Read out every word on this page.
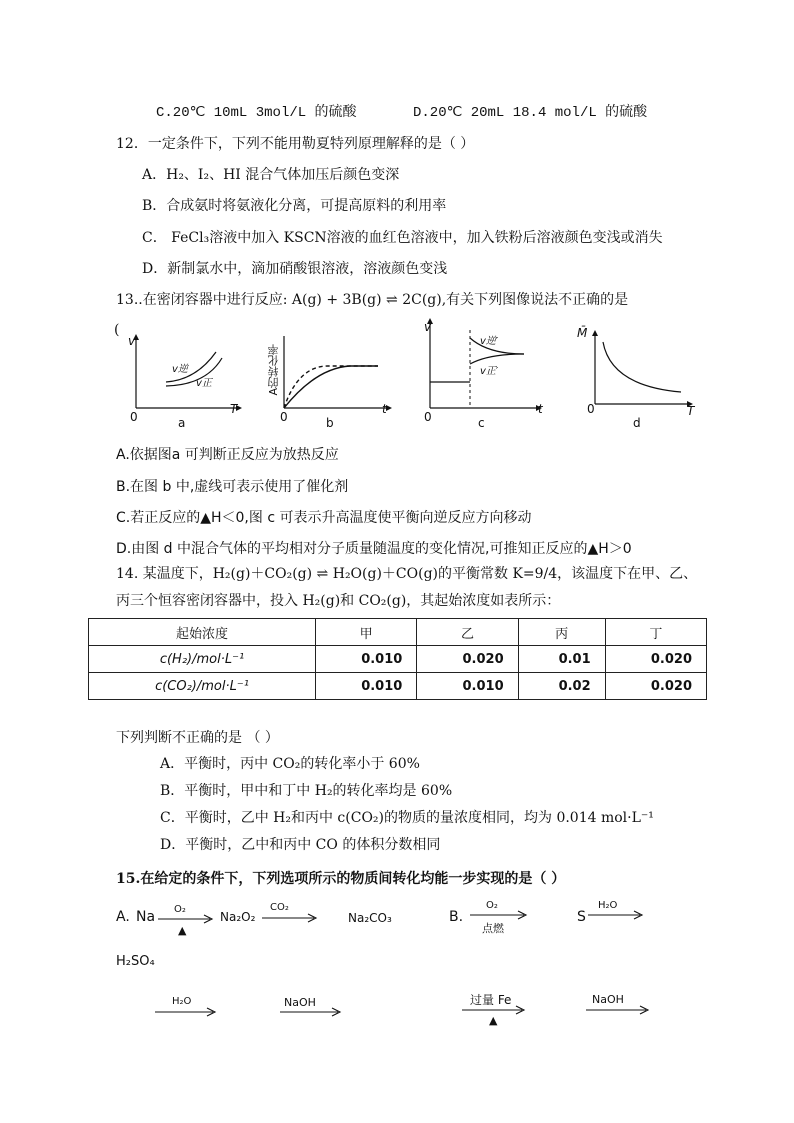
C.20℃ 10mL 3mol/L 的硫酸	D.20℃ 20mL 18.4 mol/L 的硫酸
12．一定条件下，下列不能用勒夏特列原理解释的是（ ）
A．H₂、I₂、HI 混合气体加压后颜色变深
B．合成氨时将氨液化分离，可提高原料的利用率
C． FeCl₃溶液中加入 KSCN溶液的血红色溶液中，加入铁粉后溶液颜色变浅或消失
D．新制氯水中，滴加硝酸银溶液，溶液颜色变浅
13..在密闭容器中进行反应: A(g) + 3B(g) ⇌ 2C(g),有关下列图像说法不正确的是
(
v
v逆
v正
T
0	a
A的转化率
t
0	b
v
v逆′
v正′
t
0	c
M̄
T
0
d
A.依据图a 可判断正反应为放热反应
B.在图 b 中,虚线可表示使用了催化剂
C.若正反应的▲H＜0,图 c 可表示升高温度使平衡向逆反应方向移动
D.由图 d 中混合气体的平均相对分子质量随温度的变化情况,可推知正反应的▲H＞0
14. 某温度下，H₂(g)＋CO₂(g) ⇌ H₂O(g)＋CO(g)的平衡常数 K=9/4，该温度下在甲、乙、
丙三个恒容密闭容器中，投入 H₂(g)和 CO₂(g)，其起始浓度如表所示：
起始浓度	甲	乙	丙	丁
c(H₂)/mol·L⁻¹	0.010	0.020	0.01	0.020
c(CO₂)/mol·L⁻¹	0.010	0.010	0.02	0.020
下列判断不正确的是 （ ）
A．平衡时，丙中 CO₂的转化率小于 60%
B．平衡时，甲中和丁中 H₂的转化率均是 60%
C．平衡时，乙中 H₂和丙中 c(CO₂)的物质的量浓度相同，均为 0.014 mol·L⁻¹
D．平衡时，乙中和丙中 CO 的体积分数相同
15.在给定的条件下，下列选项所示的物质间转化均能一步实现的是（ ）
A. Na O₂
▲
Na₂O₂
CO₂
Na₂CO₃	B.
O₂
点燃
S
H₂O
H₂SO₄
H₂O	NaOH	过量 Fe
▲
NaOH
